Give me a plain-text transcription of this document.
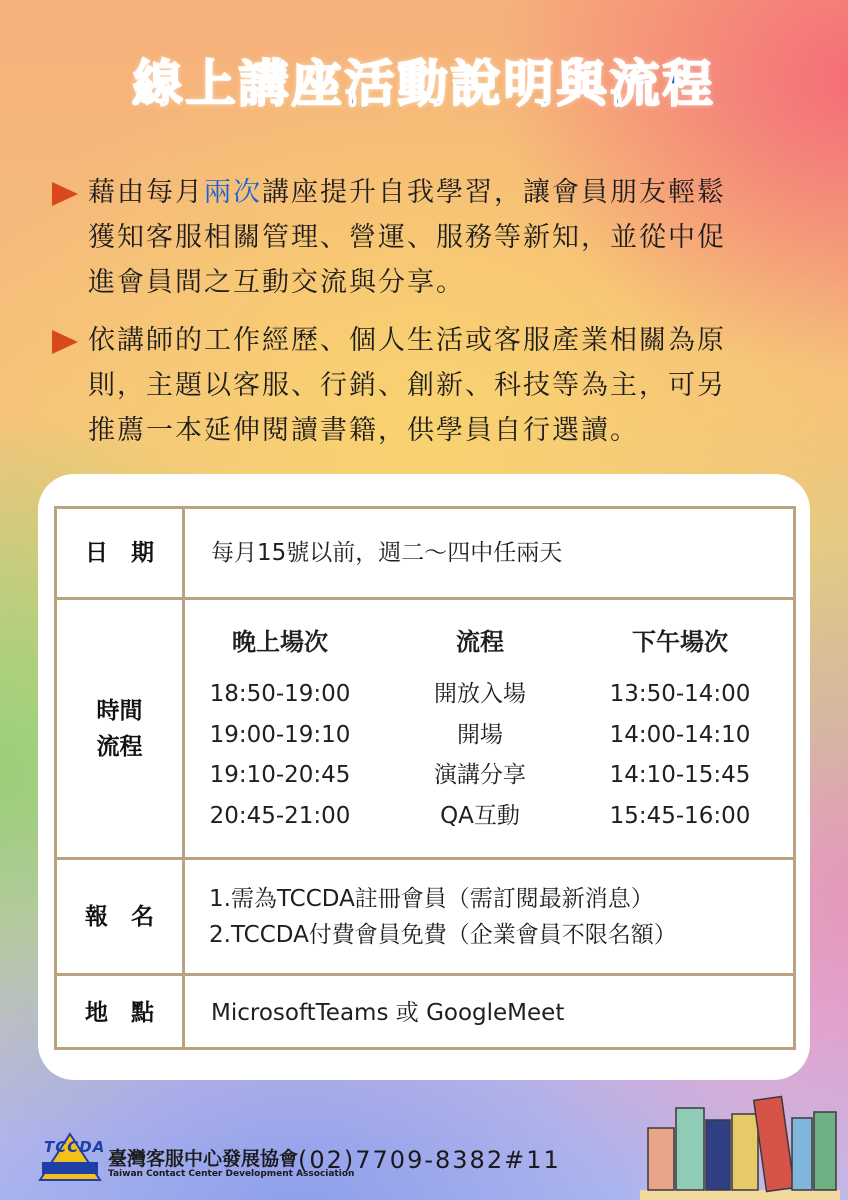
線上講座活動說明與流程
藉由每月兩次講座提升自我學習，讓會員朋友輕鬆
獲知客服相關管理、營運、服務等新知，並從中促
進會員間之互動交流與分享。
依講師的工作經歷、個人生活或客服產業相關為原
則，主題以客服、行銷、創新、科技等為主，可另
推薦一本延伸閱讀書籍，供學員自行選讀。
日　期	每月15號以前，週二～四中任兩天
時間
流程
晚上場次
18:50-19:00
19:00-19:10
19:10-20:45
20:45-21:00
流程
開放入場
開場
演講分享
QA互動
下午場次
13:50-14:00
14:00-14:10
14:10-15:45
15:45-16:00
報　名
1.需為TCCDA註冊會員（需訂閱最新消息）
2.TCCDA付費會員免費（企業會員不限名額）
地　點	MicrosoftTeams 或 GoogleMeet
TCCDA
臺灣客服中心發展協會
Taiwan Contact Center Development Association
(02)7709-8382#11
